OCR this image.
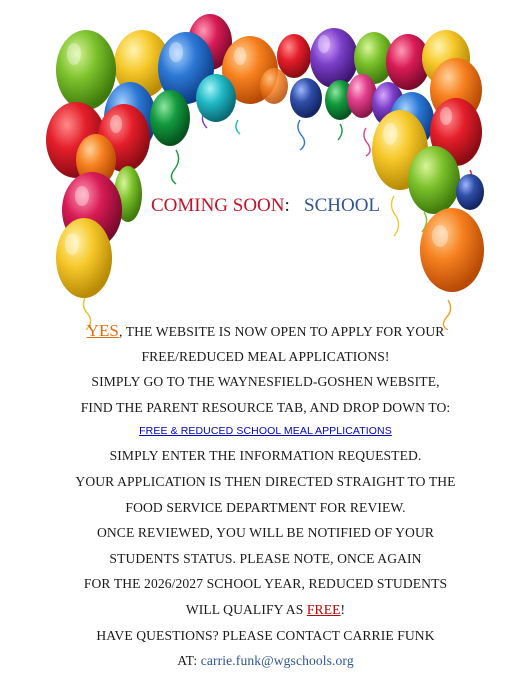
COMING SOON:   SCHOOL
YES, THE WEBSITE IS NOW OPEN TO APPLY FOR YOUR
FREE/REDUCED MEAL APPLICATIONS!
SIMPLY GO TO THE WAYNESFIELD-GOSHEN WEBSITE,
FIND THE PARENT RESOURCE TAB, AND DROP DOWN TO:
FREE & REDUCED SCHOOL MEAL APPLICATIONS
SIMPLY ENTER THE INFORMATION REQUESTED.
YOUR APPLICATION IS THEN DIRECTED STRAIGHT TO THE
FOOD SERVICE DEPARTMENT FOR REVIEW.
ONCE REVIEWED, YOU WILL BE NOTIFIED OF YOUR
STUDENTS STATUS. PLEASE NOTE, ONCE AGAIN
FOR THE 2026/2027 SCHOOL YEAR, REDUCED STUDENTS
WILL QUALIFY AS FREE!
HAVE QUESTIONS? PLEASE CONTACT CARRIE FUNK
AT: carrie.funk@wgschools.org
